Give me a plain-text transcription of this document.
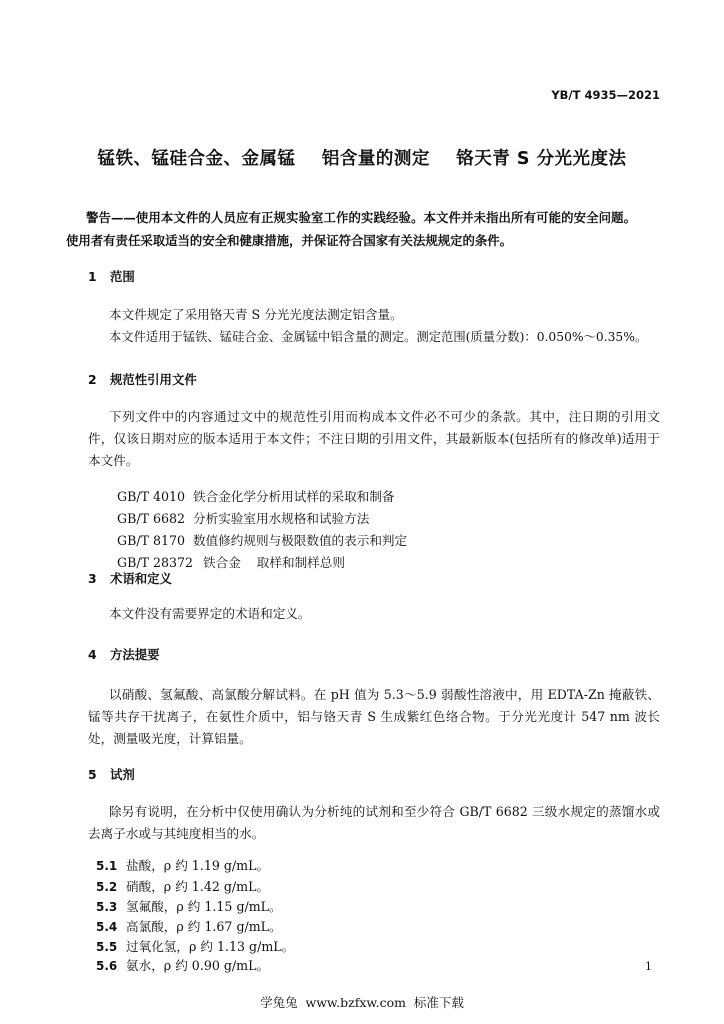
YB/T 4935—2021
锰铁、锰硅合金、金属锰    铝含量的测定    铬天青 S 分光光度法
警告——使用本文件的人员应有正规实验室工作的实践经验。本文件并未指出所有可能的安全问题。使用者有责任采取适当的安全和健康措施，并保证符合国家有关法规规定的条件。
1 范围
本文件规定了采用铬天青 S 分光光度法测定铝含量。
本文件适用于锰铁、锰硅合金、金属锰中铝含量的测定。测定范围(质量分数)：0.050%～0.35%。
2 规范性引用文件
下列文件中的内容通过文中的规范性引用而构成本文件必不可少的条款。其中，注日期的引用文件，仅该日期对应的版本适用于本文件；不注日期的引用文件，其最新版本(包括所有的修改单)适用于本文件。

GB/T 4010 铁合金化学分析用试样的采取和制备

GB/T 6682 分析实验室用水规格和试验方法

GB/T 8170 数值修约规则与极限数值的表示和判定

GB/T 28372 铁合金    取样和制样总则

3 术语和定义
本文件没有需要界定的术语和定义。
4 方法提要
以硝酸、氢氟酸、高氯酸分解试料。在 pH 值为 5.3～5.9 弱酸性溶液中，用 EDTA-Zn 掩蔽铁、锰等共存干扰离子，在氨性介质中，铝与铬天青 S 生成紫红色络合物。于分光光度计 547 nm 波长处，测量吸光度，计算铝量。
5 试剂
除另有说明，在分析中仅使用确认为分析纯的试剂和至少符合 GB/T 6682 三级水规定的蒸馏水或去离子水或与其纯度相当的水。

5.1 盐酸，ρ 约 1.19 g/mL。

5.2 硝酸，ρ 约 1.42 g/mL。

5.3 氢氟酸，ρ 约 1.15 g/mL。

5.4 高氯酸，ρ 约 1.67 g/mL。

5.5 过氧化氢，ρ 约 1.13 g/mL。

5.6 氨水，ρ 约 0.90 g/mL。	1
学兔兔  www.bzfxw.com  标准下载
